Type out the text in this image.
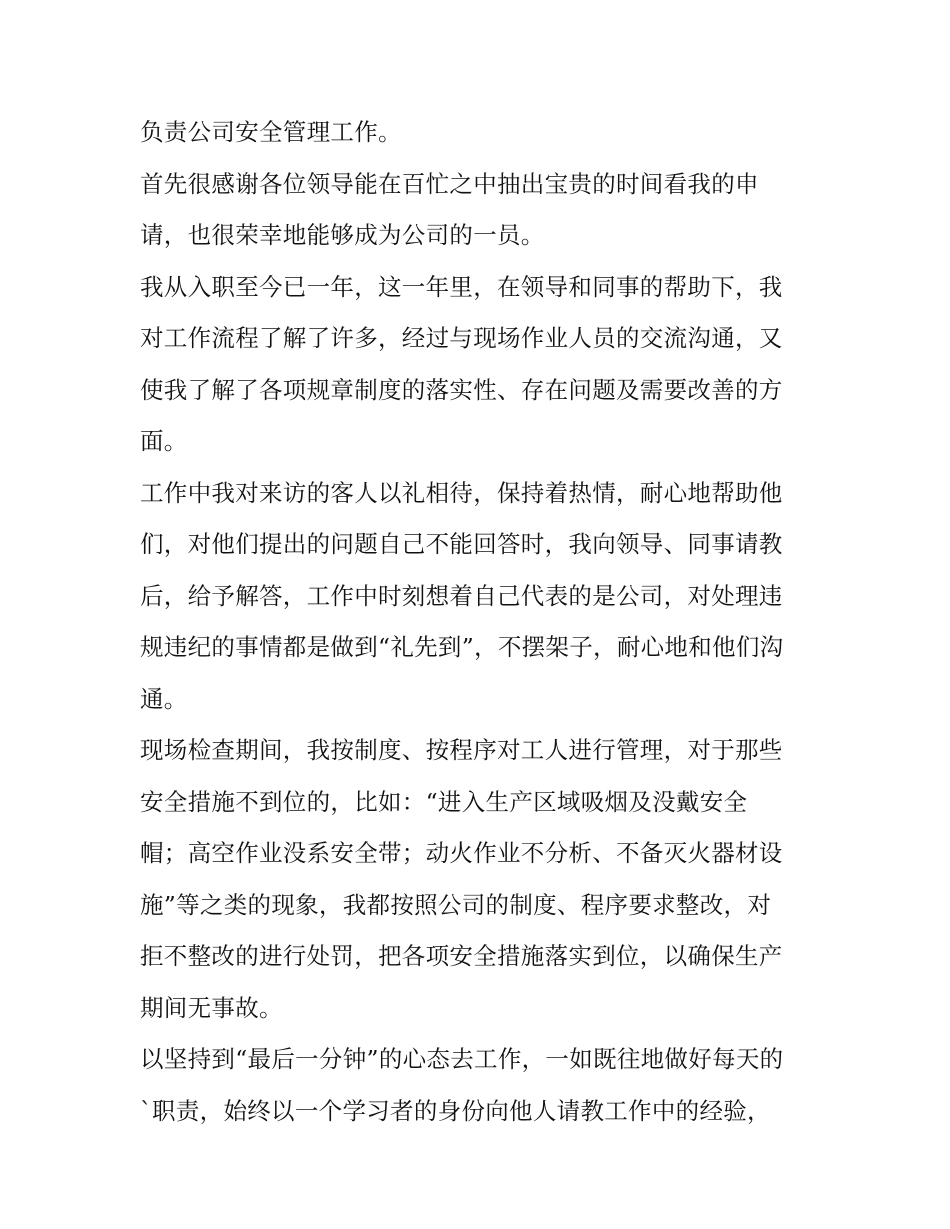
负责公司安全管理工作。
首先很感谢各位领导能在百忙之中抽出宝贵的时间看我的申
请，也很荣幸地能够成为公司的一员。
我从入职至今已一年，这一年里，在领导和同事的帮助下，我
对工作流程了解了许多，经过与现场作业人员的交流沟通，又
使我了解了各项规章制度的落实性、存在问题及需要改善的方
面。
工作中我对来访的客人以礼相待，保持着热情，耐心地帮助他
们，对他们提出的问题自己不能回答时，我向领导、同事请教
后，给予解答，工作中时刻想着自己代表的是公司，对处理违
规违纪的事情都是做到“礼先到”，不摆架子，耐心地和他们沟
通。
现场检查期间，我按制度、按程序对工人进行管理，对于那些
安全措施不到位的，比如：“进入生产区域吸烟及没戴安全
帽；高空作业没系安全带；动火作业不分析、不备灭火器材设
施”等之类的现象，我都按照公司的制度、程序要求整改，对
拒不整改的进行处罚，把各项安全措施落实到位，以确保生产
期间无事故。
以坚持到“最后一分钟”的心态去工作，一如既往地做好每天的
`职责，始终以一个学习者的身份向他人请教工作中的经验，
